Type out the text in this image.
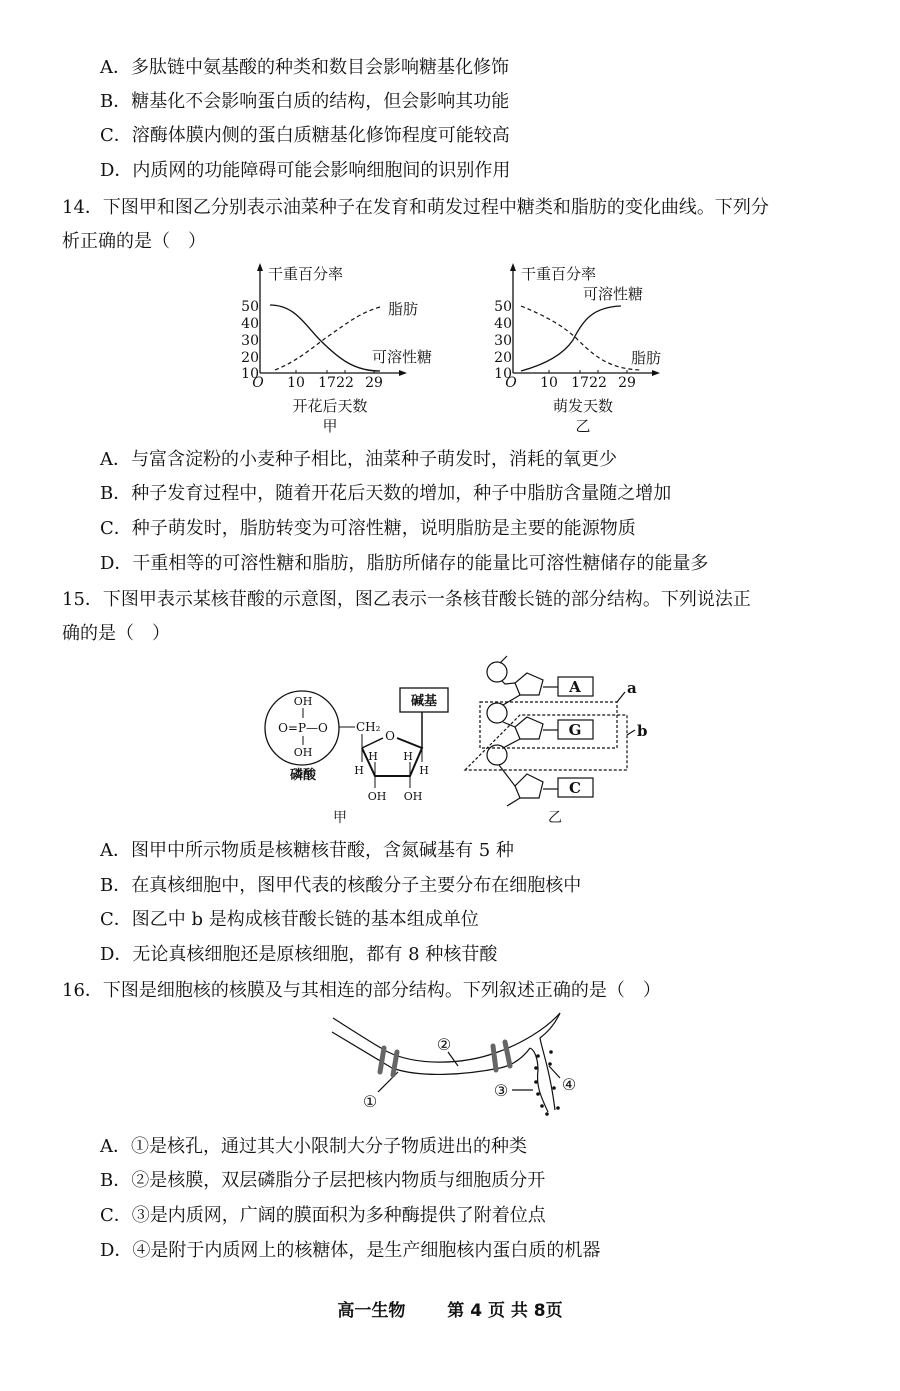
A．多肽链中氨基酸的种类和数目会影响糖基化修饰
B．糖基化不会影响蛋白质的结构，但会影响其功能
C．溶酶体膜内侧的蛋白质糖基化修饰程度可能较高
D．内质网的功能障碍可能会影响细胞间的识别作用
14．下图甲和图乙分别表示油菜种子在发育和萌发过程中糖类和脂肪的变化曲线。下列分
析正确的是（　）
干重百分率
50
40
30
20
10
O 10 17 22 29
脂肪
可溶性糖
开花后天数
甲
干重百分率
50
40
30
20
10
O 10 17 22 29
可溶性糖
脂肪
萌发天数
乙
A．与富含淀粉的小麦种子相比，油菜种子萌发时，消耗的氧更少
B．种子发育过程中，随着开花后天数的增加，种子中脂肪含量随之增加
C．种子萌发时，脂肪转变为可溶性糖，说明脂肪是主要的能源物质
D．干重相等的可溶性糖和脂肪，脂肪所储存的能量比可溶性糖储存的能量多
15．下图甲表示某核苷酸的示意图，图乙表示一条核苷酸长链的部分结构。下列说法正
确的是（　）
OH
O=P—O
OH
磷酸
CH₂
O
碱基
H
H H
H
OH OH
甲
A
G
C
a
b
乙
A．图甲中所示物质是核糖核苷酸，含氮碱基有 5 种
B．在真核细胞中，图甲代表的核酸分子主要分布在细胞核中
C．图乙中 b 是构成核苷酸长链的基本组成单位
D．无论真核细胞还是原核细胞，都有 8 种核苷酸
16．下图是细胞核的核膜及与其相连的部分结构。下列叙述正确的是（　）
①
②
③	④
A．①是核孔，通过其大小限制大分子物质进出的种类
B．②是核膜，双层磷脂分子层把核内物质与细胞质分开
C．③是内质网，广阔的膜面积为多种酶提供了附着位点
D．④是附于内质网上的核糖体，是生产细胞核内蛋白质的机器
高一生物 第 4 页 共 8页
